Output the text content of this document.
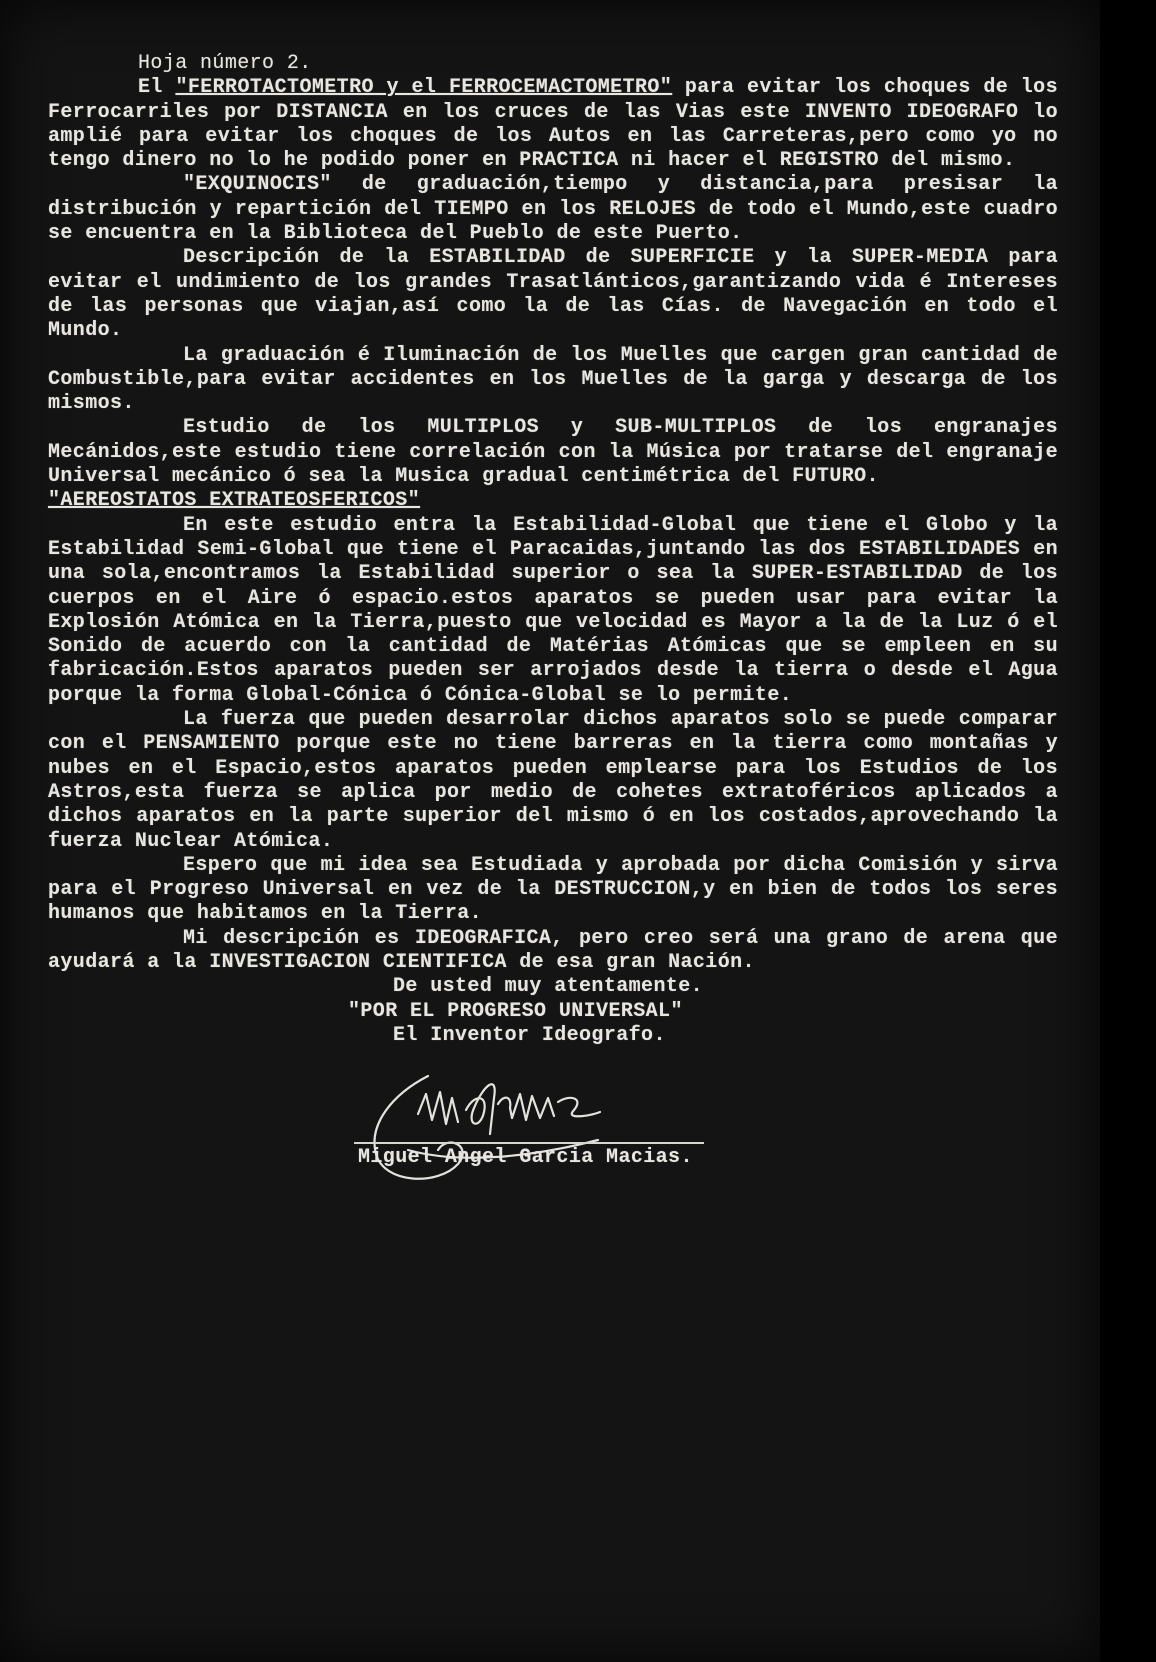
Hoja número 2.

El "FERROTACTOMETRO y el FERROCEMACTOMETRO" para evitar los choques de los Ferrocarriles por DISTANCIA en los cruces de las Vias este INVENTO IDEOGRAFO lo amplié para evitar los choques de los Autos en las Carreteras,pero como yo no tengo dinero no lo he podido poner en PRACTICA ni hacer el REGISTRO del mismo.

"EXQUINOCIS" de graduación,tiempo y distancia,para presisar la distribución y repartición del TIEMPO en los RELOJES de todo el Mundo,este cuadro se encuentra en la Biblioteca del Pueblo de este Puerto.

Descripción de la ESTABILIDAD de SUPERFICIE y la SUPER-MEDIA para evitar el undimiento de los grandes Trasatlánticos,garantizando vida é Intereses de las personas que viajan,así como la de las Cías. de Navegación en todo el Mundo.

La graduación é Iluminación de los Muelles que cargen gran cantidad de Combustible,para evitar accidentes en los Muelles de la garga y descarga de los mismos.

Estudio de los MULTIPLOS y SUB-MULTIPLOS de los engranajes Mecánidos,este estudio tiene correlación con la Música por tratarse del engranaje Universal mecánico ó sea la Musica gradual centimétrica del FUTURO.

"AEREOSTATOS EXTRATEOSFERICOS"

En este estudio entra la Estabilidad-Global que tiene el Globo y la Estabilidad Semi-Global que tiene el Paracaidas,juntando las dos ESTABILIDADES en una sola,encontramos la Estabilidad superior o sea la SUPER-ESTABILIDAD de los cuerpos en el Aire ó espacio.estos aparatos se pueden usar para evitar la Explosión Atómica en la Tierra,puesto que velocidad es Mayor a la de la Luz ó el Sonido de acuerdo con la cantidad de Matérias Atómicas que se empleen en su fabricación.Estos aparatos pueden ser arrojados desde la tierra o desde el Agua porque la forma Global-Cónica ó Cónica-Global se lo permite.

La fuerza que pueden desarrolar dichos aparatos solo se puede comparar con el PENSAMIENTO porque este no tiene barreras en la tierra como montañas y nubes en el Espacio,estos aparatos pueden emplearse para los Estudios de los Astros,esta fuerza se aplica por medio de cohetes extratoféricos aplicados a dichos aparatos en la parte superior del mismo ó en los costados,aprovechando la fuerza Nuclear Atómica.

Espero que mi idea sea Estudiada y aprobada por dicha Comisión y sirva para el Progreso Universal en vez de la DESTRUCCION,y en bien de todos los seres humanos que habitamos en la Tierra.

Mi descripción es IDEOGRAFICA, pero creo será una grano de arena que ayudará a la INVESTIGACION CIENTIFICA de esa gran Nación.

De usted muy atentamente.
"POR EL PROGRESO UNIVERSAL"
El Inventor Ideografo.
Miguel Angel Garcia Macias.
